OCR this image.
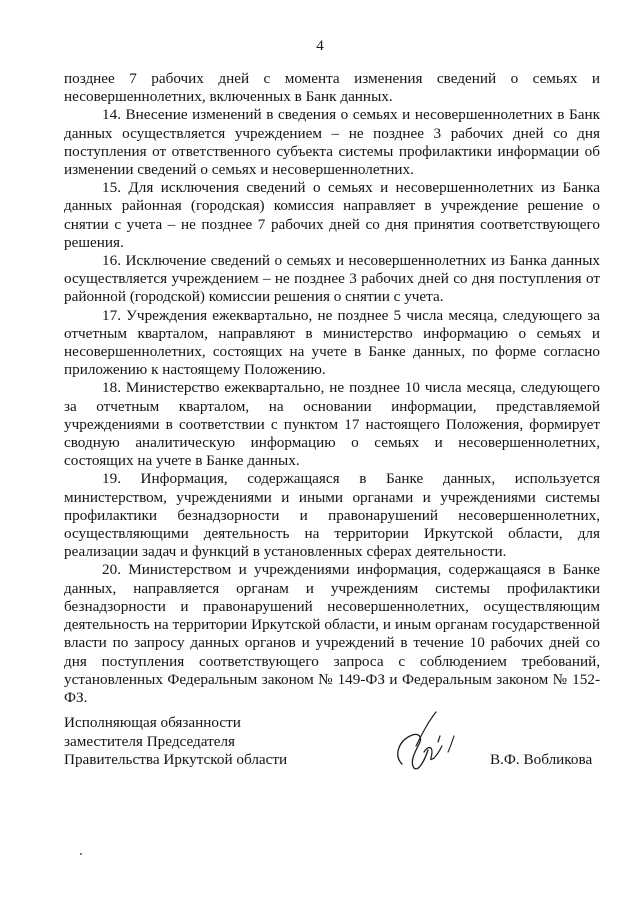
4

позднее 7 рабочих дней с момента изменения сведений о семьях и несовершеннолетних, включенных в Банк данных.

14. Внесение изменений в сведения о семьях и несовершеннолетних в Банк данных осуществляется учреждением – не позднее 3 рабочих дней со дня поступления от ответственного субъекта системы профилактики информации об изменении сведений о семьях и несовершеннолетних.

15. Для исключения сведений о семьях и несовершеннолетних из Банка данных районная (городская) комиссия направляет в учреждение решение о снятии с учета – не позднее 7 рабочих дней со дня принятия соответствующего решения.

16. Исключение сведений о семьях и несовершеннолетних из Банка данных осуществляется учреждением – не позднее 3 рабочих дней со дня поступления от районной (городской) комиссии решения о снятии с учета.

17. Учреждения ежеквартально, не позднее 5 числа месяца, следующего за отчетным кварталом, направляют в министерство информацию о семьях и несовершеннолетних, состоящих на учете в Банке данных, по форме согласно приложению к настоящему Положению.

18. Министерство ежеквартально, не позднее 10 числа месяца, следующего за отчетным кварталом, на основании информации, представляемой учреждениями в соответствии с пунктом 17 настоящего Положения, формирует сводную аналитическую информацию о семьях и несовершеннолетних, состоящих на учете в Банке данных.

19. Информация, содержащаяся в Банке данных, используется министерством, учреждениями и иными органами и учреждениями системы профилактики безнадзорности и правонарушений несовершеннолетних, осуществляющими деятельность на территории Иркутской области, для реализации задач и функций в установленных сферах деятельности.

20. Министерством и учреждениями информация, содержащаяся в Банке данных, направляется органам и учреждениям системы профилактики безнадзорности и правонарушений несовершеннолетних, осуществляющим деятельность на территории Иркутской области, и иным органам государственной власти по запросу данных органов и учреждений в течение 10 рабочих дней со дня поступления соответствующего запроса с соблюдением требований, установленных Федеральным законом № 149-ФЗ и Федеральным законом № 152-ФЗ.

Исполняющая обязанности
заместителя Председателя
Правительства Иркутской области	В.Ф. Вобликова
